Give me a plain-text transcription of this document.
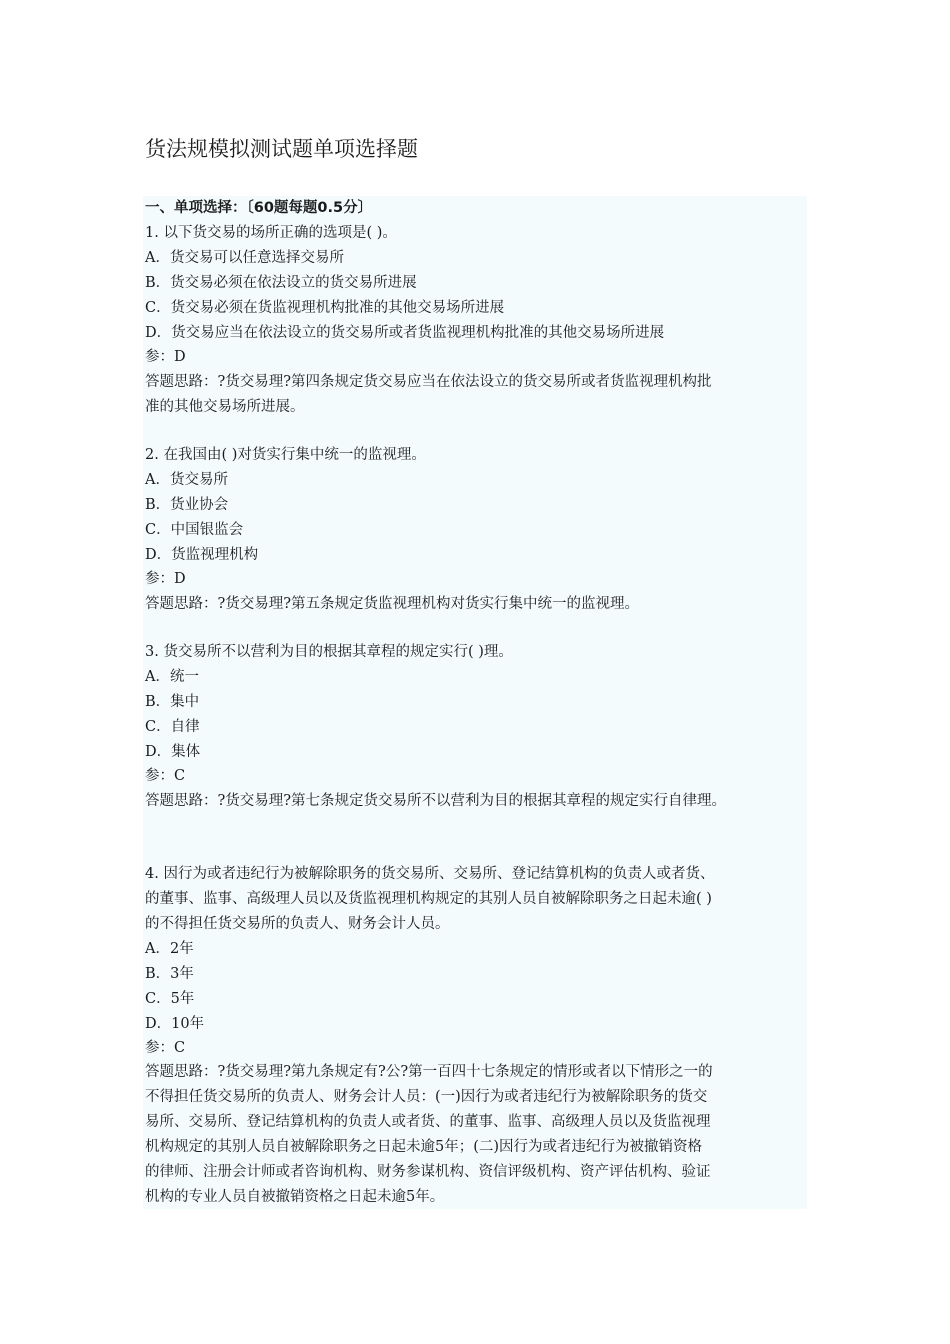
货法规模拟测试题单项选择题
一、单项选择：〔60题每题0.5分〕
1. 以下货交易的场所正确的选项是( )。
A．货交易可以任意选择交易所
B．货交易必须在依法设立的货交易所进展
C．货交易必须在货监视理机构批准的其他交易场所进展
D．货交易应当在依法设立的货交易所或者货监视理机构批准的其他交易场所进展
参：D
答题思路：?货交易理?第四条规定货交易应当在依法设立的货交易所或者货监视理机构批
准的其他交易场所进展。
2. 在我国由( )对货实行集中统一的监视理。
A．货交易所
B．货业协会
C．中国银监会
D．货监视理机构
参：D
答题思路：?货交易理?第五条规定货监视理机构对货实行集中统一的监视理。
3. 货交易所不以营利为目的根据其章程的规定实行( )理。
A．统一
B．集中
C．自律
D．集体
参：C
答题思路：?货交易理?第七条规定货交易所不以营利为目的根据其章程的规定实行自律理。
4. 因行为或者违纪行为被解除职务的货交易所、交易所、登记结算机构的负责人或者货、
的董事、监事、高级理人员以及货监视理机构规定的其别人员自被解除职务之日起未逾( )
的不得担任货交易所的负责人、财务会计人员。
A．2年
B．3年
C．5年
D．10年
参：C
答题思路：?货交易理?第九条规定有?公?第一百四十七条规定的情形或者以下情形之一的
不得担任货交易所的负责人、财务会计人员：(一)因行为或者违纪行为被解除职务的货交
易所、交易所、登记结算机构的负责人或者货、的董事、监事、高级理人员以及货监视理
机构规定的其别人员自被解除职务之日起未逾5年；(二)因行为或者违纪行为被撤销资格
的律师、注册会计师或者咨询机构、财务参谋机构、资信评级机构、资产评估机构、验证
机构的专业人员自被撤销资格之日起未逾5年。
